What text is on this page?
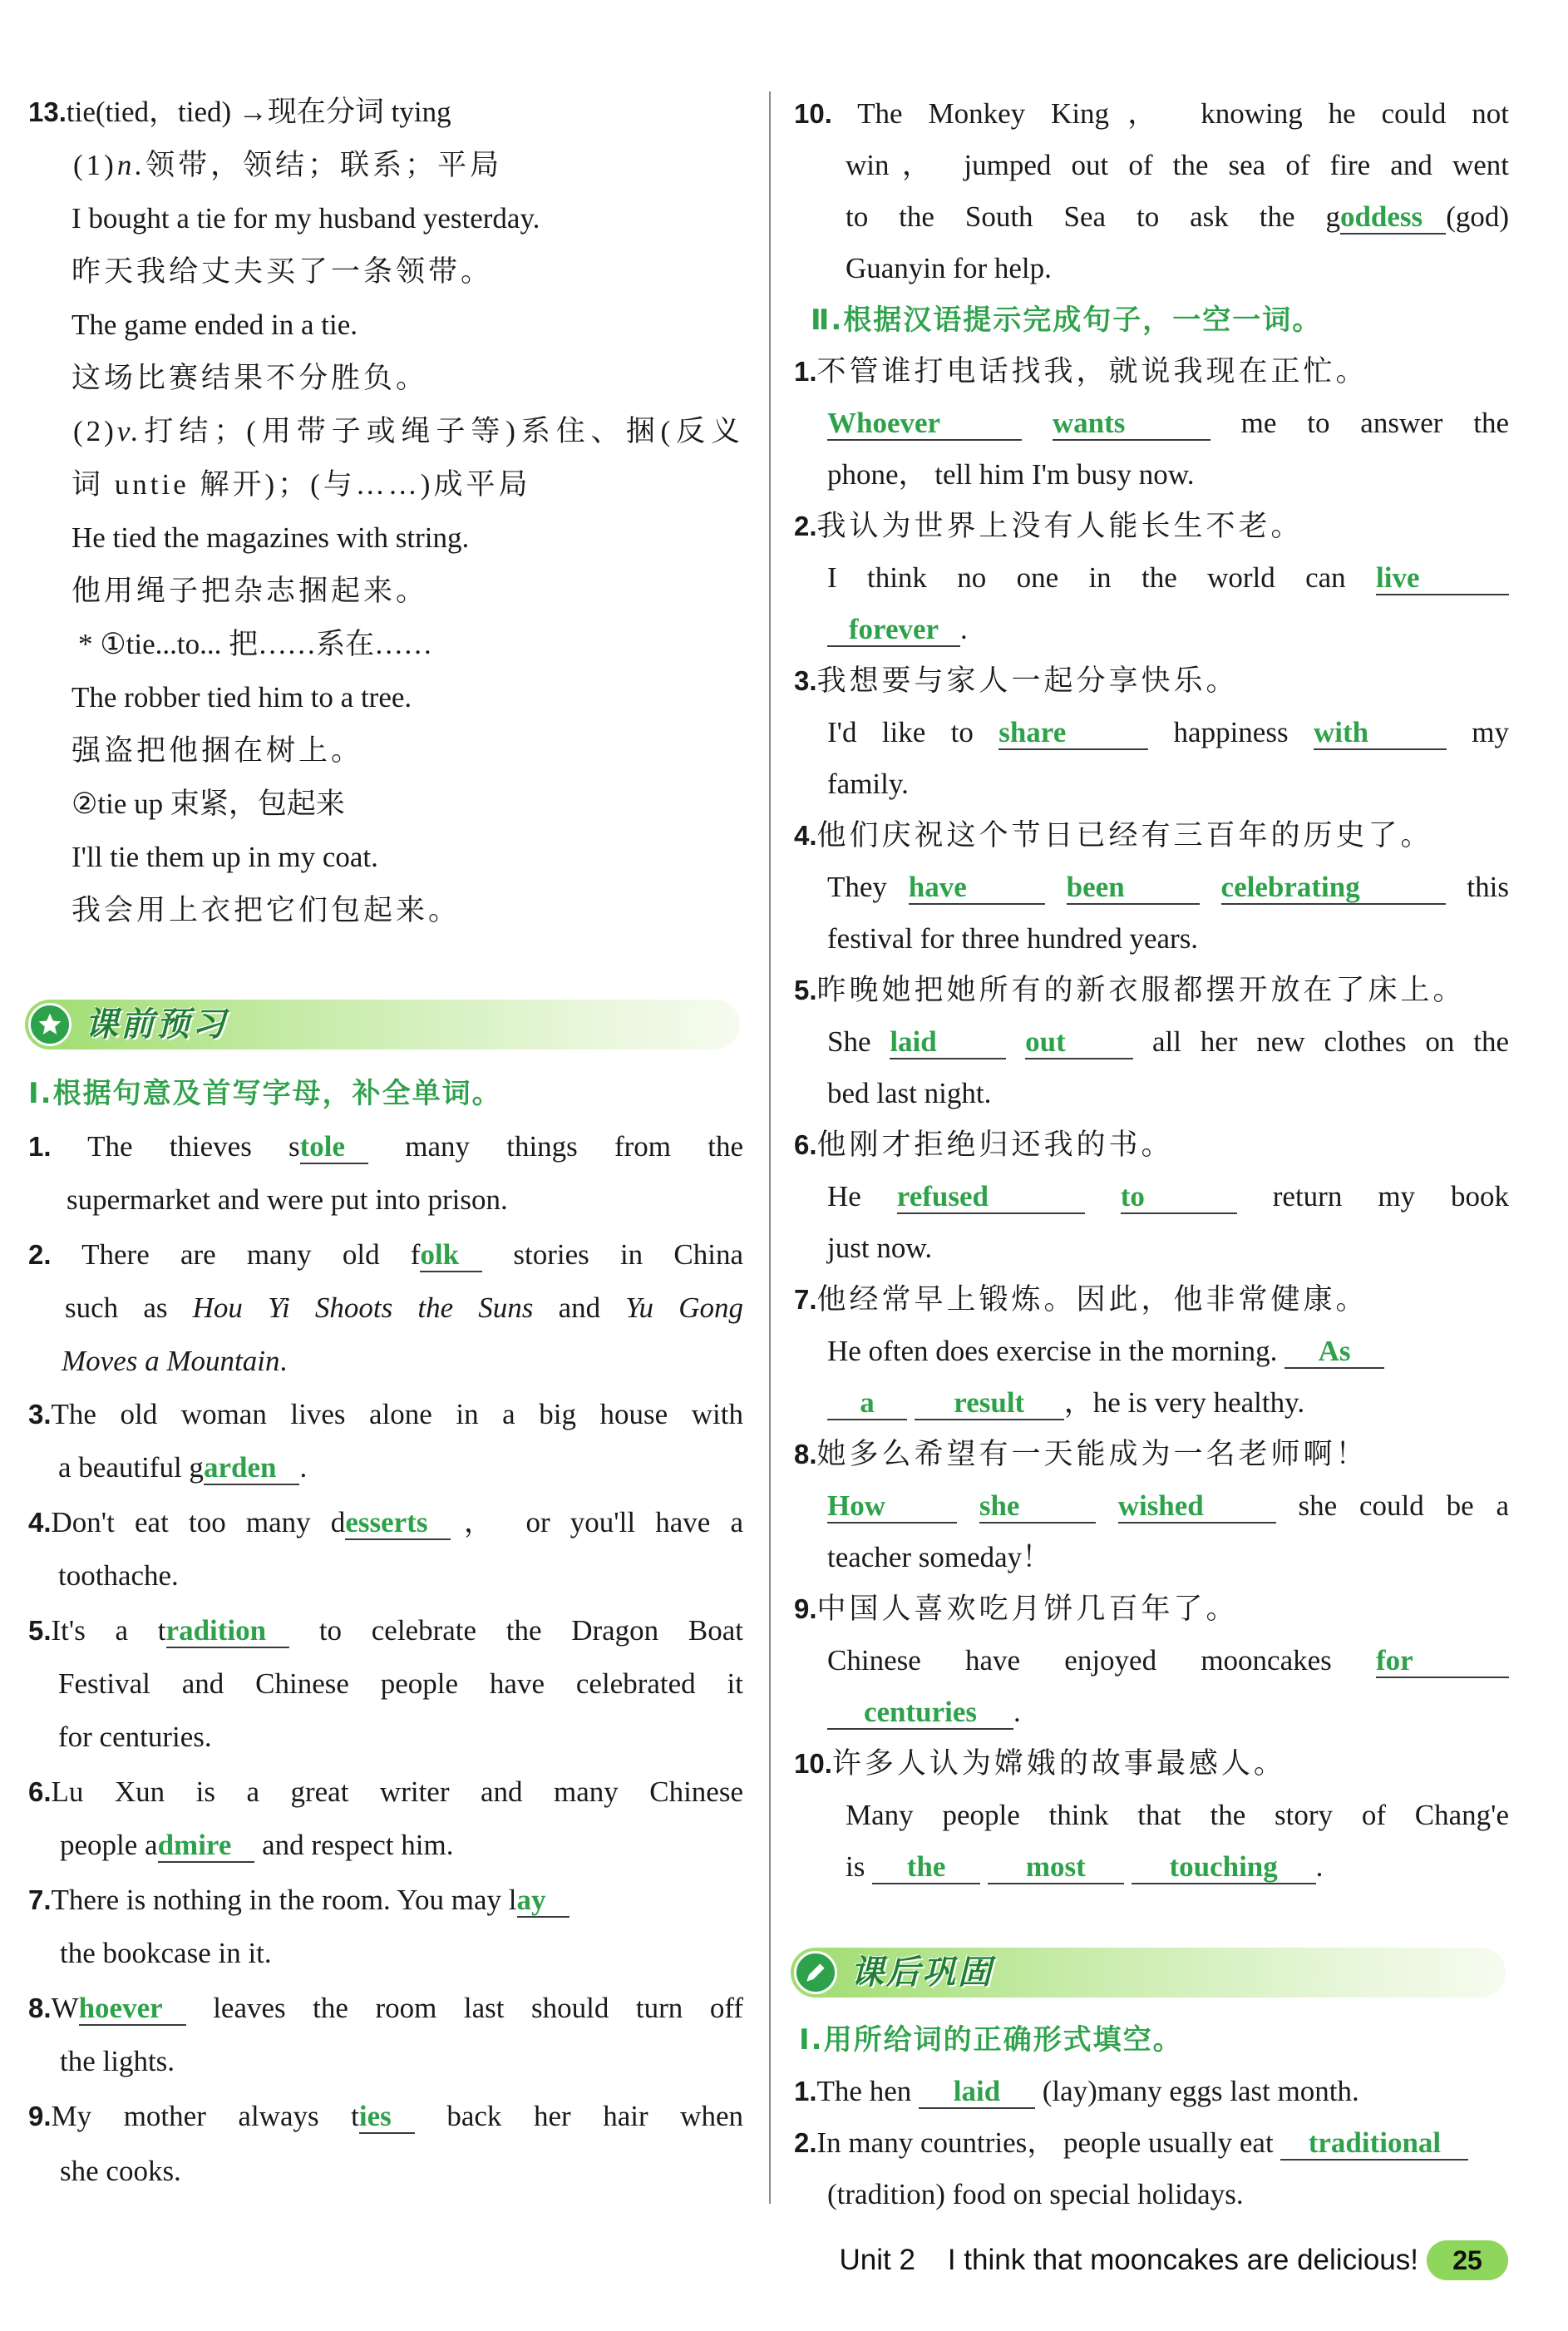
13.tie(tied，tied) →现在分词 tying
(1)n.领带，领结；联系；平局
I bought a tie for my husband yesterday.
昨天我给丈夫买了一条领带。
The game ended in a tie.
这场比赛结果不分胜负。
(2)v.打结；(用带子或绳子等)系住、捆(反义
词 untie 解开)；(与……)成平局
He tied the magazines with string.
他用绳子把杂志捆起来。
* ①tie...to... 把……系在……
The robber tied him to a tree.
强盗把他捆在树上。
②tie up 束紧，包起来
I'll tie them up in my coat.
我会用上衣把它们包起来。
课前预习
Ⅰ.根据句意及首写字母，补全单词。
1. The thieves stole many things from the
supermarket and were put into prison.
2. There are many old folk stories in China
such as Hou Yi Shoots the Suns and Yu Gong
Moves a Mountain.
3.The old woman lives alone in a big house with
a beautiful garden .
4.Don't eat too many desserts ， or you'll have a
toothache.
5.It's a tradition to celebrate the Dragon Boat
Festival and Chinese people have celebrated it
for centuries.
6.Lu Xun is a great writer and many Chinese
people admire and respect him.
7.There is nothing in the room. You may lay
the bookcase in it.
8.Whoever leaves the room last should turn off
the lights.
9.My mother always ties back her hair when
she cooks.
10. The Monkey King， knowing he could not
win， jumped out of the sea of fire and went
to the South Sea to ask the goddess (god)
Guanyin for help.
Ⅱ.根据汉语提示完成句子，一空一词。
1.不管谁打电话找我，就说我现在正忙。
Whoever	wants	me to answer the
phone， tell him I'm busy now.
2.我认为世界上没有人能长生不老。
I think no one in the world can live
forever .
3.我想要与家人一起分享快乐。
I'd like to share	happiness with	my
family.
4.他们庆祝这个节日已经有三百年的历史了。
They have	been	celebrating	this
festival for three hundred years.
5.昨晚她把她所有的新衣服都摆开放在了床上。
She laid	out	all her new clothes on the
bed last night.
6.他刚才拒绝归还我的书。
He refused	to	return my book
just now.
7.他经常早上锻炼。因此，他非常健康。
He often does exercise in the morning. As
a	result ，he is very healthy.
8.她多么希望有一天能成为一名老师啊！
How	she	wished	she could be a
teacher someday！
9.中国人喜欢吃月饼几百年了。
Chinese have enjoyed mooncakes for
centuries .
10.许多人认为嫦娥的故事最感人。
Many people think that the story of Chang'e
is the	most	touching .
课后巩固
Ⅰ.用所给词的正确形式填空。
1.The hen laid (lay)many eggs last month.
2.In many countries， people usually eat traditional
(tradition) food on special holidays.
Unit 2    I think that mooncakes are delicious!	25
